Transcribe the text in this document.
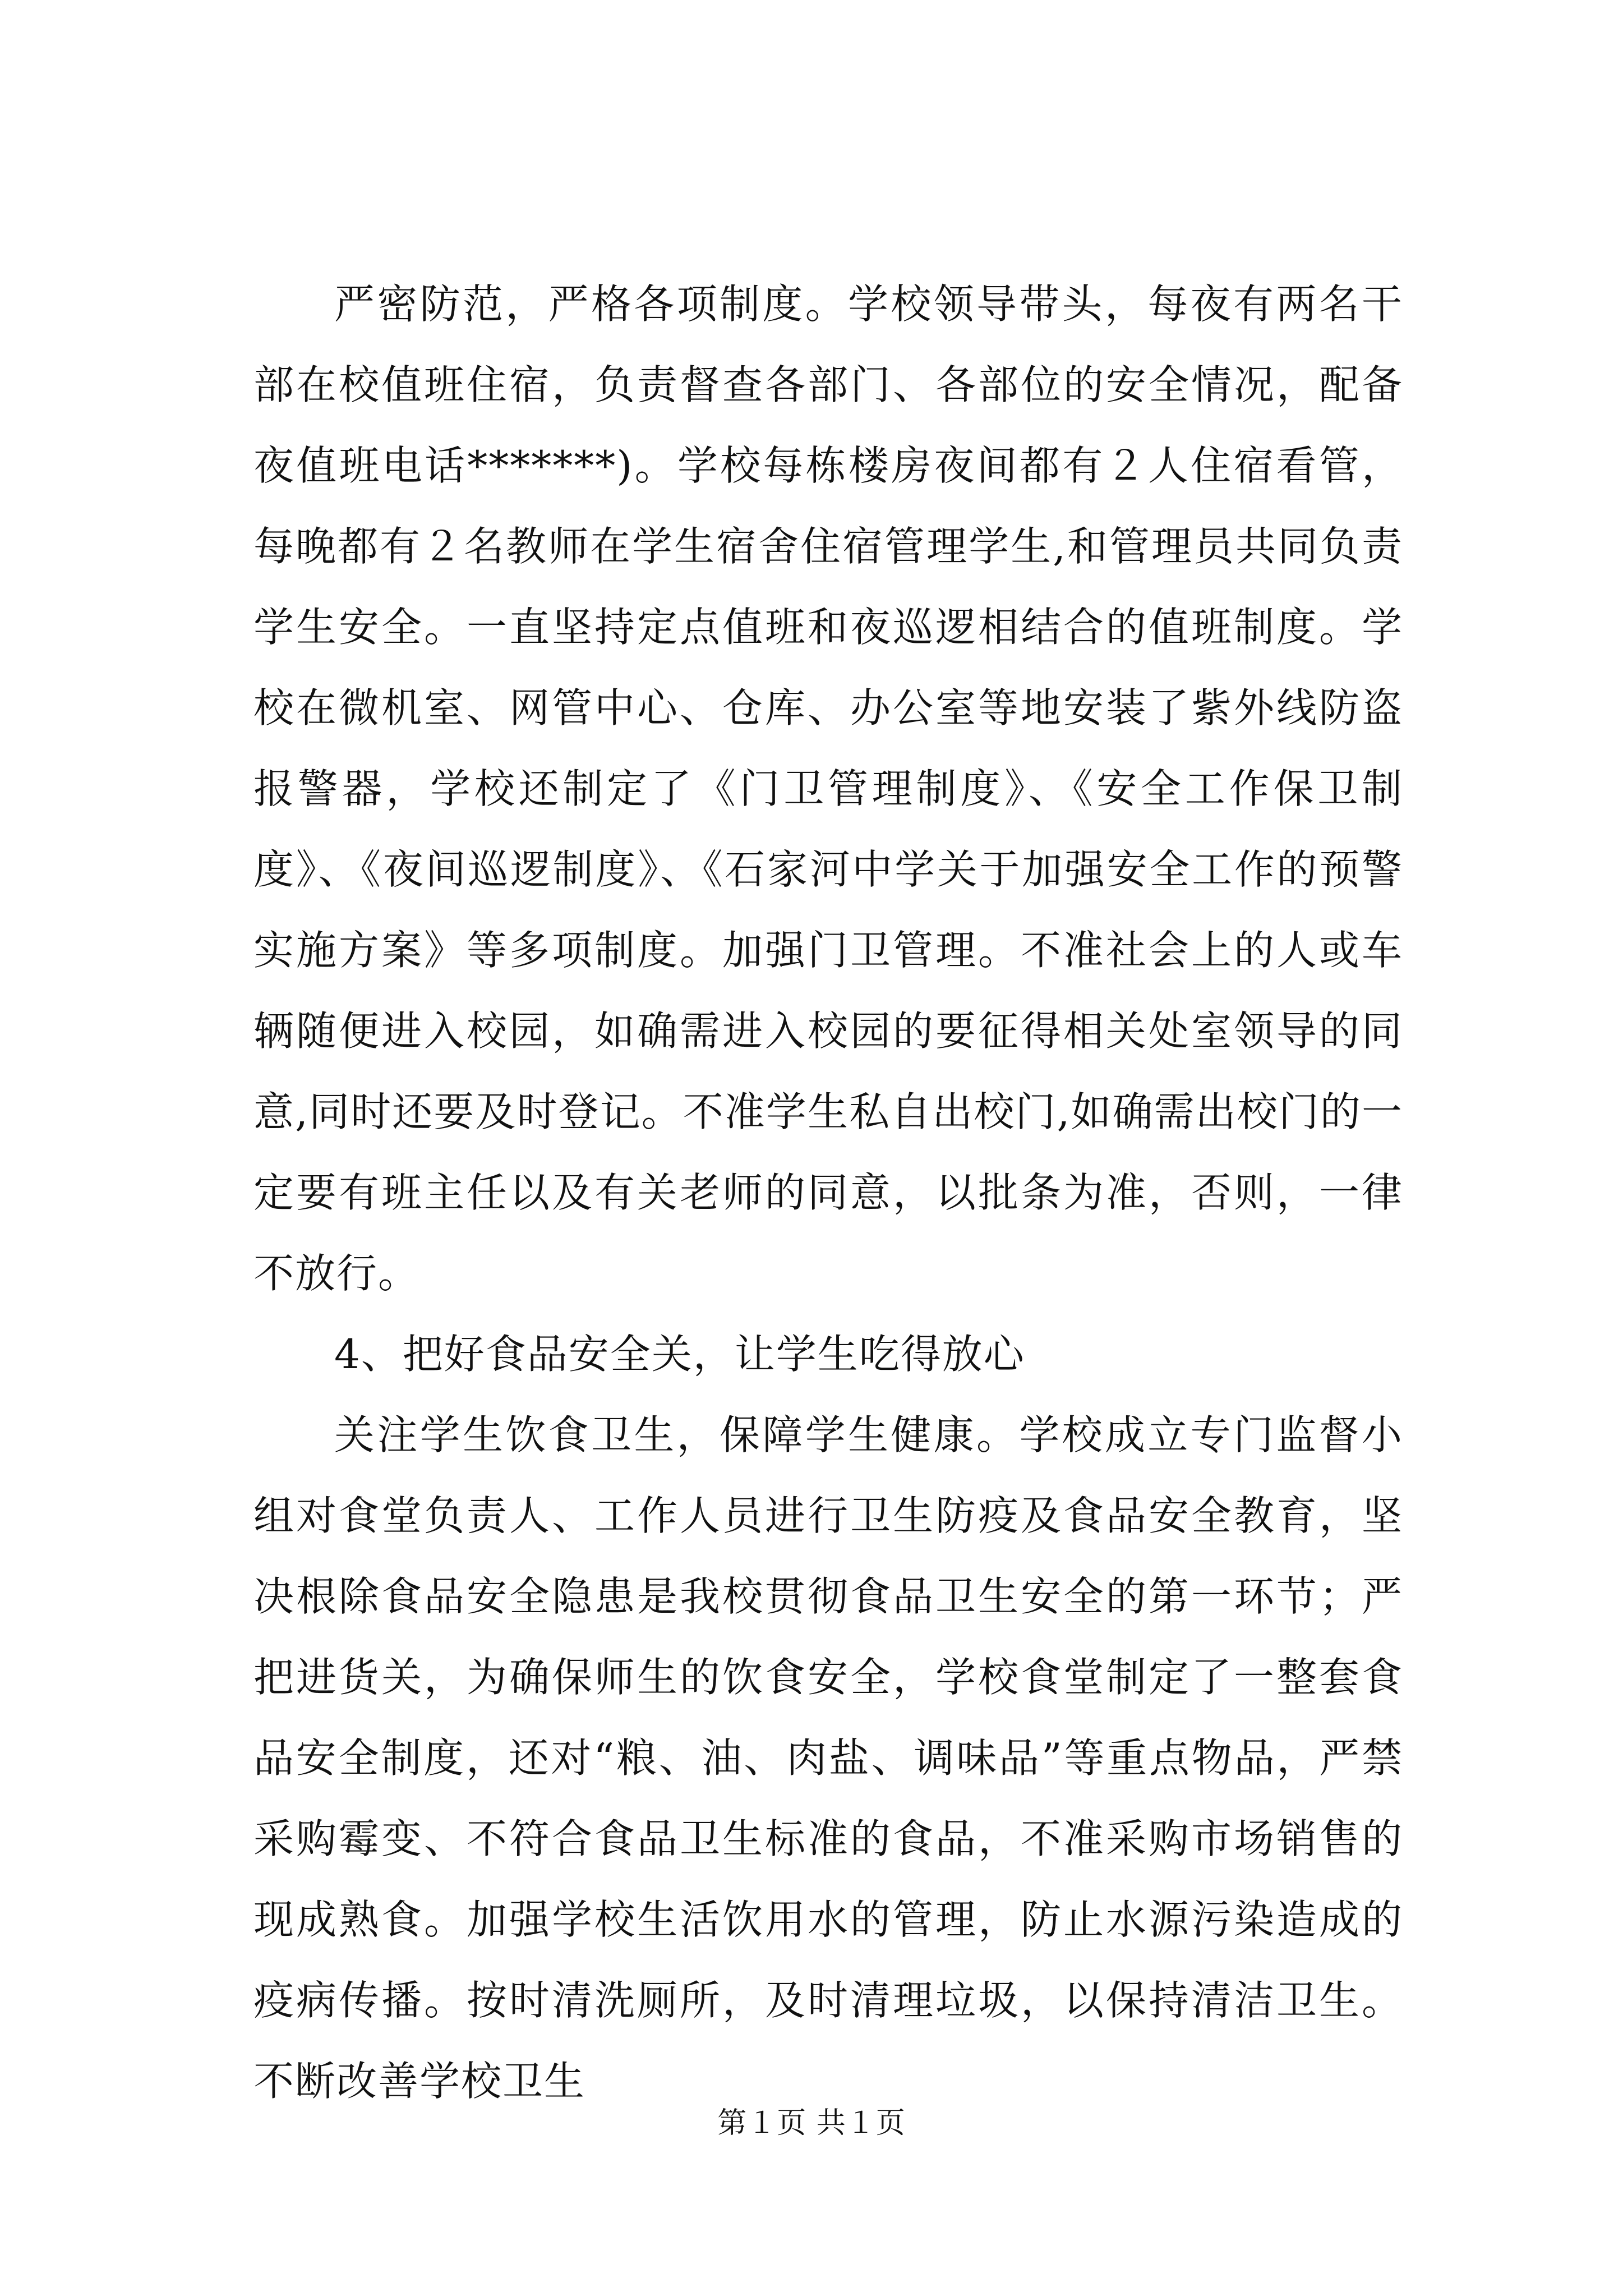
严密防范，严格各项制度。学校领导带头，每夜有两名干部在校值班住宿，负责督查各部门、各部位的安全情况，配备夜值班电话*******)。学校每栋楼房夜间都有２人住宿看管，每晚都有２名教师在学生宿舍住宿管理学生,和管理员共同负责学生安全。一直坚持定点值班和夜巡逻相结合的值班制度。学校在微机室、网管中心、仓库、办公室等地安装了紫外线防盗报警器，学校还制定了《门卫管理制度》、《安全工作保卫制度》、《夜间巡逻制度》、《石家河中学关于加强安全工作的预警实施方案》等多项制度。加强门卫管理。不准社会上的人或车辆随便进入校园，如确需进入校园的要征得相关处室领导的同意,同时还要及时登记。不准学生私自出校门,如确需出校门的一定要有班主任以及有关老师的同意，以批条为准，否则，一律不放行。

4、把好食品安全关，让学生吃得放心

关注学生饮食卫生，保障学生健康。学校成立专门监督小组对食堂负责人、工作人员进行卫生防疫及食品安全教育，坚决根除食品安全隐患是我校贯彻食品卫生安全的第一环节；严把进货关，为确保师生的饮食安全，学校食堂制定了一整套食品安全制度，还对“粮、油、肉盐、调味品”等重点物品，严禁采购霉变、不符合食品卫生标准的食品，不准采购市场销售的现成熟食。加强学校生活饮用水的管理，防止水源污染造成的疫病传播。按时清洗厕所，及时清理垃圾，以保持清洁卫生。不断改善学校卫生

第１页 共１页
